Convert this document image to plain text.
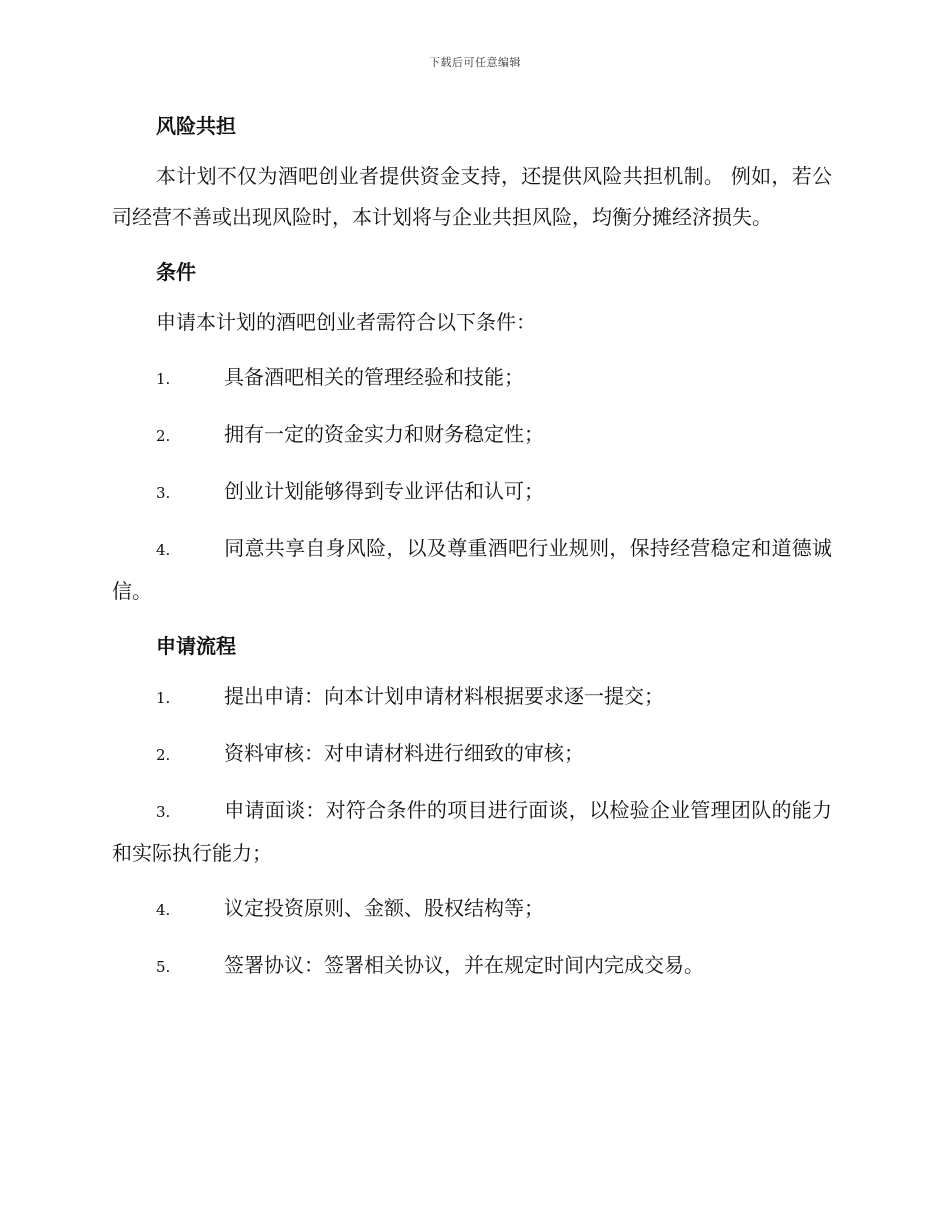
下载后可任意编辑
风险共担

本计划不仅为酒吧创业者提供资金支持，还提供风险共担机制。 例如，若公司经营不善或出现风险时，本计划将与企业共担风险，均衡分摊经济损失。

条件

申请本计划的酒吧创业者需符合以下条件：

1.	具备酒吧相关的管理经验和技能；

2.	拥有一定的资金实力和财务稳定性；

3.	创业计划能够得到专业评估和认可；

4.	同意共享自身风险，以及尊重酒吧行业规则，保持经营稳定和道德诚信。

申请流程

1.	提出申请：向本计划申请材料根据要求逐一提交；

2.	资料审核：对申请材料进行细致的审核；

3.	申请面谈：对符合条件的项目进行面谈，以检验企业管理团队的能力和实际执行能力；

4.	议定投资原则、金额、股权结构等；

5.	签署协议：签署相关协议，并在规定时间内完成交易。
